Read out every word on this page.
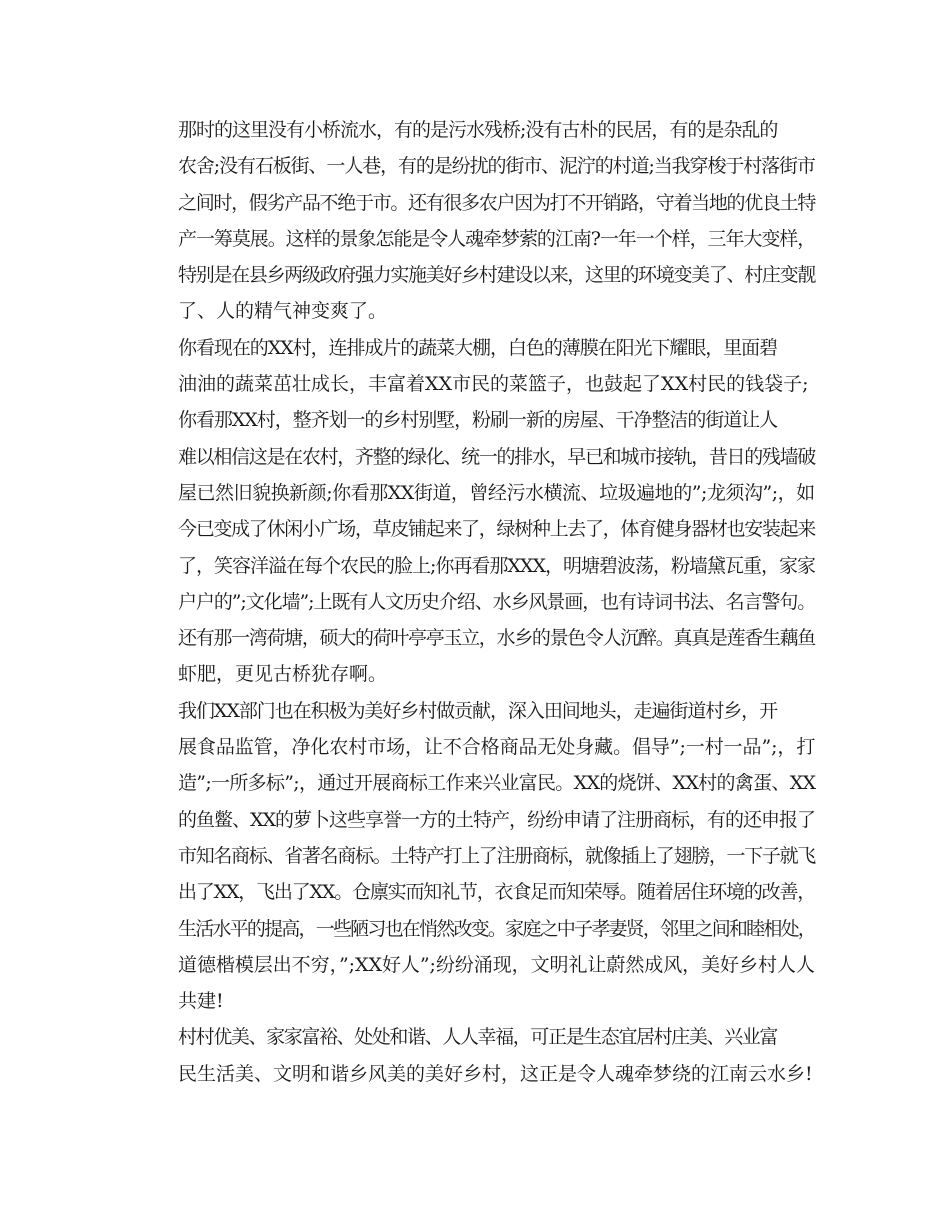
那时的这里没有小桥流水，有的是污水残桥;没有古朴的民居，有的是杂乱的
农舍;没有石板街、一人巷，有的是纷扰的街市、泥泞的村道;当我穿梭于村落街市
之间时，假劣产品不绝于市。还有很多农户因为打不开销路，守着当地的优良土特
产一筹莫展。这样的景象怎能是令人魂牵梦萦的江南?一年一个样，三年大变样，
特别是在县乡两级政府强力实施美好乡村建设以来，这里的环境变美了、村庄变靓
了、人的精气神变爽了。

你看现在的XX村，连排成片的蔬菜大棚，白色的薄膜在阳光下耀眼，里面碧
油油的蔬菜茁壮成长，丰富着XX市民的菜篮子，也鼓起了XX村民的钱袋子;

你看那XX村，整齐划一的乡村别墅，粉刷一新的房屋、干净整洁的街道让人
难以相信这是在农村，齐整的绿化、统一的排水，早已和城市接轨，昔日的残墙破
屋已然旧貌换新颜;你看那XX街道，曾经污水横流、垃圾遍地的”;龙须沟”;，如
今已变成了休闲小广场，草皮铺起来了，绿树种上去了，体育健身器材也安装起来
了，笑容洋溢在每个农民的脸上;你再看那XXX，明塘碧波荡，粉墙黛瓦重，家家
户户的”;文化墙”;上既有人文历史介绍、水乡风景画，也有诗词书法、名言警句。
还有那一湾荷塘，硕大的荷叶亭亭玉立，水乡的景色令人沉醉。真真是莲香生藕鱼
虾肥，更见古桥犹存啊。

我们XX部门也在积极为美好乡村做贡献，深入田间地头，走遍街道村乡，开
展食品监管，净化农村市场，让不合格商品无处身藏。倡导”;一村一品”;，打
造”;一所多标”;，通过开展商标工作来兴业富民。XX的烧饼、XX村的禽蛋、XX
的鱼鳖、XX的萝卜这些享誉一方的土特产，纷纷申请了注册商标，有的还申报了
市知名商标、省著名商标。土特产打上了注册商标，就像插上了翅膀，一下子就飞
出了XX，飞出了XX。仓廪实而知礼节，衣食足而知荣辱。随着居住环境的改善，
生活水平的提高，一些陋习也在悄然改变。家庭之中子孝妻贤，邻里之间和睦相处，
道德楷模层出不穷，”;XX好人”;纷纷涌现，文明礼让蔚然成风，美好乡村人人
共建!

村村优美、家家富裕、处处和谐、人人幸福，可正是生态宜居村庄美、兴业富
民生活美、文明和谐乡风美的美好乡村，这正是令人魂牵梦绕的江南云水乡!
